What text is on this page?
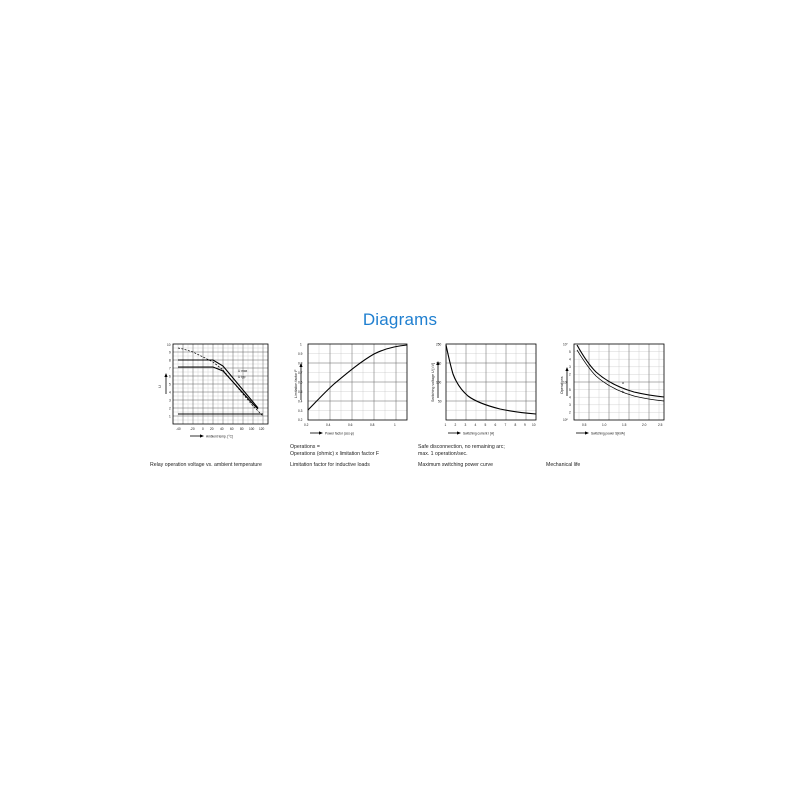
Diagrams
U
U max
U typ
-40	-20 0 20 40 60 80 100 120
10
9
8
7
6
5
4
3
2
1
Ambient temp. [°C]
Relay operation voltage vs. ambient temperature
Limitation factor F
0.2	0.4	0.6	0.8	1
1
0.9
0.8
0.7
0.6
0.5
0.4
0.3
0.2
Power factor (cos φ)
Operations =
Operations (ohmic) x limitation factor F
Limitation factor for inductive loads
Switching voltage U [=V]
1	2	3	4	5	6	7	8 9 10
250
200
100
50
Switching current I [A]
Safe disconnection, no remaining arc;
max. 1 operation/sec.
Maximum switching power curve
Operations	a
b
0.5	1.0	1.5	2.0	2.5
10⁷
5
4
3
2
10⁶
5
4
3
2
10⁵
Switching power S[kVA]
Mechanical life
